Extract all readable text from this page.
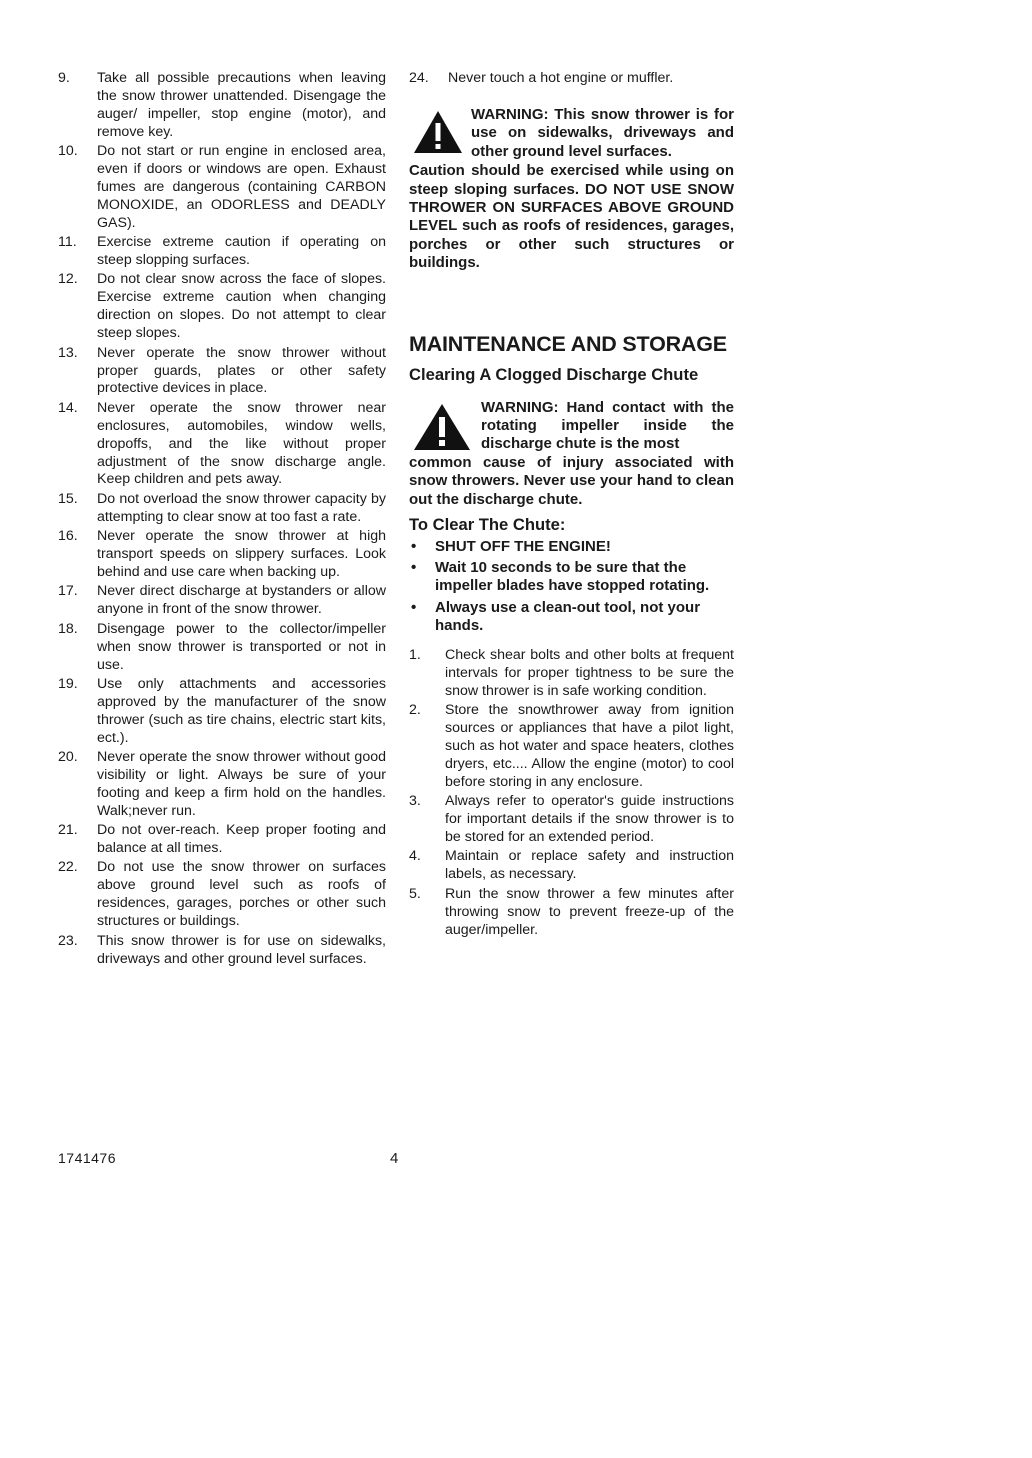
9.	Take all possible precautions when leaving the snow thrower unattended. Disengage the auger/ impeller, stop engine (motor), and remove key.
10.	Do not start or run engine in enclosed area, even if doors or windows are open. Exhaust fumes are dangerous (containing CARBON MONOXIDE, an ODORLESS and DEADLY GAS).
11.	Exercise extreme caution if operating on steep slopping surfaces.
12.	Do not clear snow across the face of slopes. Exercise extreme caution when changing direction on slopes. Do not attempt to clear steep slopes.
13.	Never operate the snow thrower without proper guards, plates or other safety protective devices in place.
14.	Never operate the snow thrower near enclosures, automobiles, window wells, dropoffs, and the like without proper adjustment of the snow discharge angle. Keep children and pets away.
15.	Do not overload the snow thrower capacity by attempting to clear snow at too fast a rate.
16.	Never operate the snow thrower at high transport speeds on slippery surfaces. Look behind and use care when backing up.
17.	Never direct discharge at bystanders or allow anyone in front of the snow thrower.
18.	Disengage power to the collector/impeller when snow thrower is transported or not in use.
19.	Use only attachments and accessories approved by the manufacturer of the snow thrower (such as tire chains, electric start kits, ect.).
20.	Never operate the snow thrower without good visibility or light. Always be sure of your footing and keep a firm hold on the handles. Walk;never run.
21.	Do not over-reach. Keep proper footing and balance at all times.
22.	Do not use the snow thrower on surfaces above ground level such as roofs of residences, garages, porches or other such structures or buildings.
23.	This snow thrower is for use on sidewalks, driveways and other ground level surfaces.
24.	Never touch a hot engine or muffler.
WARNING: This snow thrower is for use on sidewalks, driveways and other ground level surfaces.
Caution should be exercised while using on steep sloping surfaces. DO NOT USE SNOW THROWER ON SURFACES ABOVE GROUND LEVEL such as roofs of residences, garages, porches or other such structures or buildings.
MAINTENANCE AND STORAGE
Clearing A Clogged Discharge Chute
WARNING: Hand contact with the rotating impeller inside the discharge chute is the most
common cause of injury associated with snow throwers. Never use your hand to clean out the discharge chute.
To Clear The Chute:
•	SHUT OFF THE ENGINE!
•	Wait 10 seconds to be sure that the impeller blades have stopped rotating.
•	Always use a clean-out tool, not your hands.
1.	Check shear bolts and other bolts at frequent intervals for proper tightness to be sure the snow thrower is in safe working condition.
2.	Store the snowthrower away from ignition sources or appliances that have a pilot light, such as hot water and space heaters, clothes dryers, etc.... Allow the engine (motor) to cool before storing in any enclosure.
3.	Always refer to operator's guide instructions for important details if the snow thrower is to be stored for an extended period.
4.	Maintain or replace safety and instruction labels, as necessary.
5.	Run the snow thrower a few minutes after throwing snow to prevent freeze-up of the auger/impeller.
1741476	4
